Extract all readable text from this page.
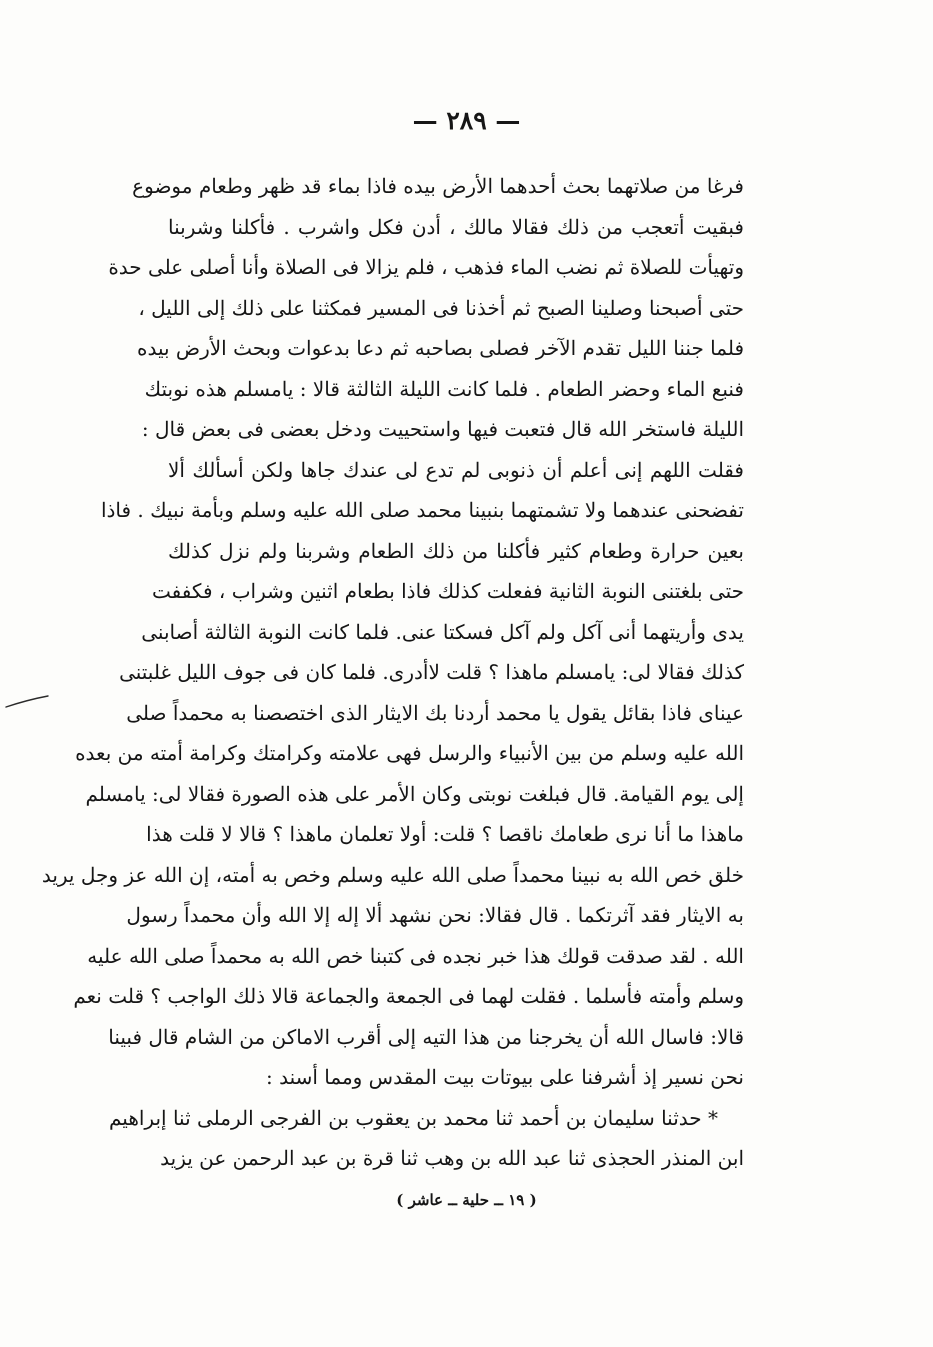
— ٢٨٩ —
فرغا من صلاتهما بحث أحدهما الأرض بيده فاذا بماء قد ظهر وطعام موضوع
فبقيت أتعجب من ذلك فقالا مالك ، أدن فكل واشرب . فأكلنا وشربنا
وتهيأت للصلاة ثم نضب الماء فذهب ، فلم يزالا فى الصلاة وأنا أصلى على حدة
حتى أصبحنا وصلينا الصبح ثم أخذنا فى المسير فمكثنا على ذلك إلى الليل ،
فلما جننا الليل تقدم الآخر فصلى بصاحبه ثم دعا بدعوات وبحث الأرض بيده
فنبع الماء وحضر الطعام . فلما كانت الليلة الثالثة قالا : يامسلم هذه نوبتك
الليلة فاستخر الله قال فتعبت فيها واستحييت ودخل بعضى فى بعض قال :
فقلت اللهم إنى أعلم أن ذنوبى لم تدع لى عندك جاها ولكن أسألك ألا
تفضحنى عندهما ولا تشمتهما بنبينا محمد صلى الله عليه وسلم وبأمة نبيك . فاذا
بعين حرارة وطعام كثير فأكلنا من ذلك الطعام وشربنا ولم نزل كذلك
حتى بلغتنى النوبة الثانية ففعلت كذلك فاذا بطعام اثنين وشراب ، فكففت
يدى وأريتهما أنى آكل ولم آكل فسكتا عنى. فلما كانت النوبة الثالثة أصابنى
كذلك فقالا لى: يامسلم ماهذا ؟ قلت لاأدرى. فلما كان فى جوف الليل غلبتنى
عيناى فاذا بقائل يقول يا محمد أردنا بك الايثار الذى اختصصنا به محمداً صلى
الله عليه وسلم من بين الأنبياء والرسل فهى علامته وكرامتك وكرامة أمته من بعده
إلى يوم القيامة. قال فبلغت نوبتى وكان الأمر على هذه الصورة فقالا لى: يامسلم
ماهذا ما أنا نرى طعامك ناقصا ؟ قلت: أولا تعلمان ماهذا ؟ قالا لا قلت هذا
خلق خص الله به نبينا محمداً صلى الله عليه وسلم وخص به أمته، إن الله عز وجل يريد
به الايثار فقد آثرتكما . قال فقالا: نحن نشهد ألا إله إلا الله وأن محمداً رسول
الله . لقد صدقت قولك هذا خبر نجده فى كتبنا خص الله به محمداً صلى الله عليه
وسلم وأمته فأسلما . فقلت لهما فى الجمعة والجماعة قالا ذلك الواجب ؟ قلت نعم
قالا: فاسال الله أن يخرجنا من هذا التيه إلى أقرب الاماكن من الشام قال فبينا
نحن نسير إذ أشرفنا على بيوتات بيت المقدس ومما أسند :
* حدثنا سليمان بن أحمد ثنا محمد بن يعقوب بن الفرجى الرملى ثنا إبراهيم
ابن المنذر الحجذى ثنا عبد الله بن وهب ثنا قرة بن عبد الرحمن عن يزيد
( ١٩ ــ حلية ــ عاشر )
